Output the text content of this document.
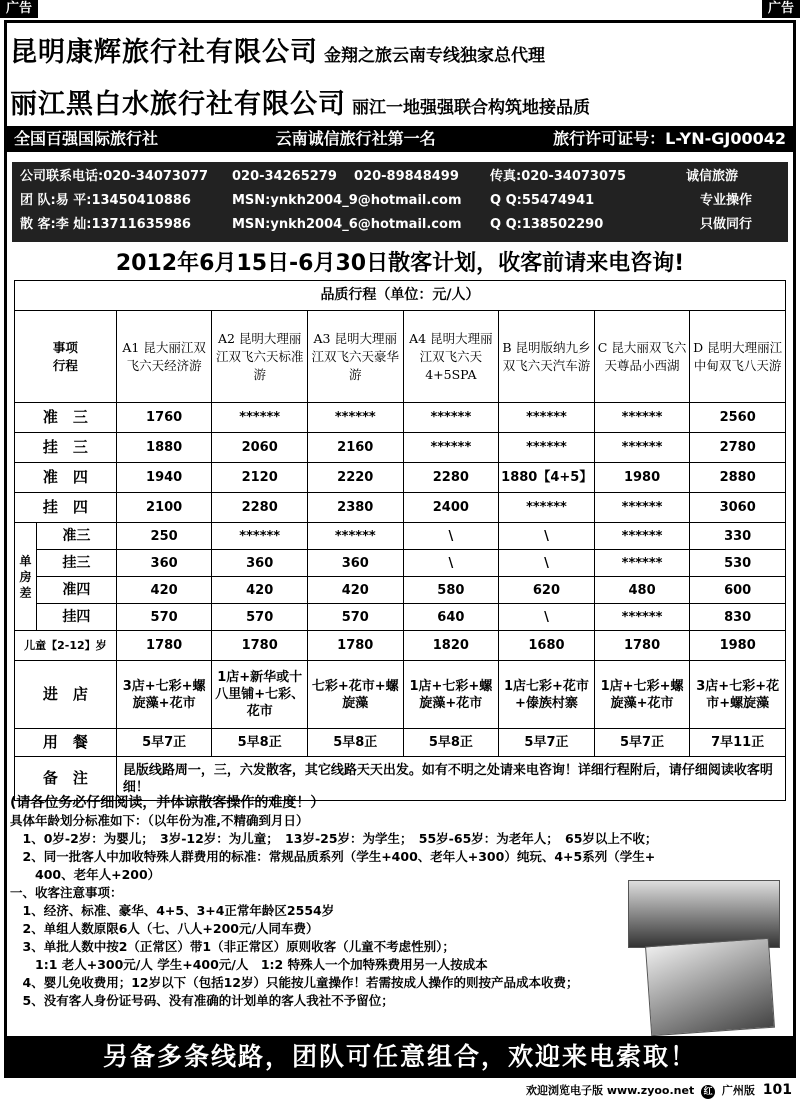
广告	广告
昆明康辉旅行社有限公司 金翔之旅云南专线独家总代理
丽江黑白水旅行社有限公司 丽江一地强强联合构筑地接品质
全国百强国际旅行社	云南诚信旅行社第一名	旅行许可证号：L-YN-GJ00042
公司联系电话:020-34073077 020-34265279 020-89848499 传真:020-34073075	诚信旅游
团 队:易 平:13450410886	MSN:ynkh2004_9@hotmail.com Q Q:55474941	专业操作
散 客:李 灿:13711635986	MSN:ynkh2004_6@hotmail.com Q Q:138502290	只做同行
2012年6月15日-6月30日散客计划，收客前请来电咨询!
品质行程（单位：元/人）								

事项
行程		A1 昆大丽江双飞六天经济游	A2 昆明大理丽江双飞六天标准游	A3 昆明大理丽江双飞六天豪华游	A4 昆明大理丽江双飞六天4+5SPA	B 昆明版纳九乡双飞六天汽车游	C 昆大丽双飞六天尊品小西湖	D 昆明大理丽江中甸双飞八天游
准　三		1760	******	******	******	******	******	2560
挂　三		1880	2060	2160	******	******	******	2780
准　四		1940	2120	2220	2280	1880【4+5】	1980	2880
挂　四		2100	2280	2380	2400	******	******	3060
单
房
差	准三	250	******	******	\	\	******	330
	挂三	360	360	360	\	\	******	530
	准四	420	420	420	580	620	480	600
	挂四	570	570	570	640	\	******	830
儿童【2-12】岁		1780	1780	1780	1820	1680	1780	1980
进　店		3店+七彩+螺旋藻+花市	1店+新华或十八里铺+七彩、花市	七彩+花市+螺旋藻	1店+七彩+螺旋藻+花市	1店七彩+花市+傣族村寨	1店+七彩+螺旋藻+花市	3店+七彩+花市+螺旋藻
用　餐		5早7正	5早8正	5早8正	5早8正	5早7正	5早7正	7早11正
备　注		昆版线路周一，三，六发散客，其它线路天天出发。如有不明之处请来电咨询！详细行程附后，请仔细阅读收客明细！						
(请各位务必仔细阅读，并体谅散客操作的难度！）
具体年龄划分标准如下：（以年份为准,不精确到月日）
　1、0岁-2岁：为婴儿；　3岁-12岁：为儿童；　13岁-25岁：为学生；　55岁-65岁：为老年人；　65岁以上不收；
　2、同一批客人中加收特殊人群费用的标准：常规品质系列（学生+400、老年人+300）纯玩、4+5系列（学生+
　　400、老年人+200）
一、收客注意事项：
　1、经济、标准、豪华、4+5、3+4正常年龄区2554岁
　2、单组人数原限6人（七、八人+200元/人同车费）
　3、单批人数中按2（正常区）带1（非正常区）原则收客（儿童不考虑性别）；
　　1:1 老人+300元/人 学生+400元/人　1:2 特殊人一个加特殊费用另一人按成本
　4、婴儿免收费用；12岁以下（包括12岁）只能按儿童操作！若需按成人操作的则按产品成本收费；
　5、没有客人身份证号码、没有准确的计划单的客人我社不予留位；
另备多条线路，团队可任意组合，欢迎来电索取！
欢迎浏览电子版 www.zyoo.net 红 广州版 101
